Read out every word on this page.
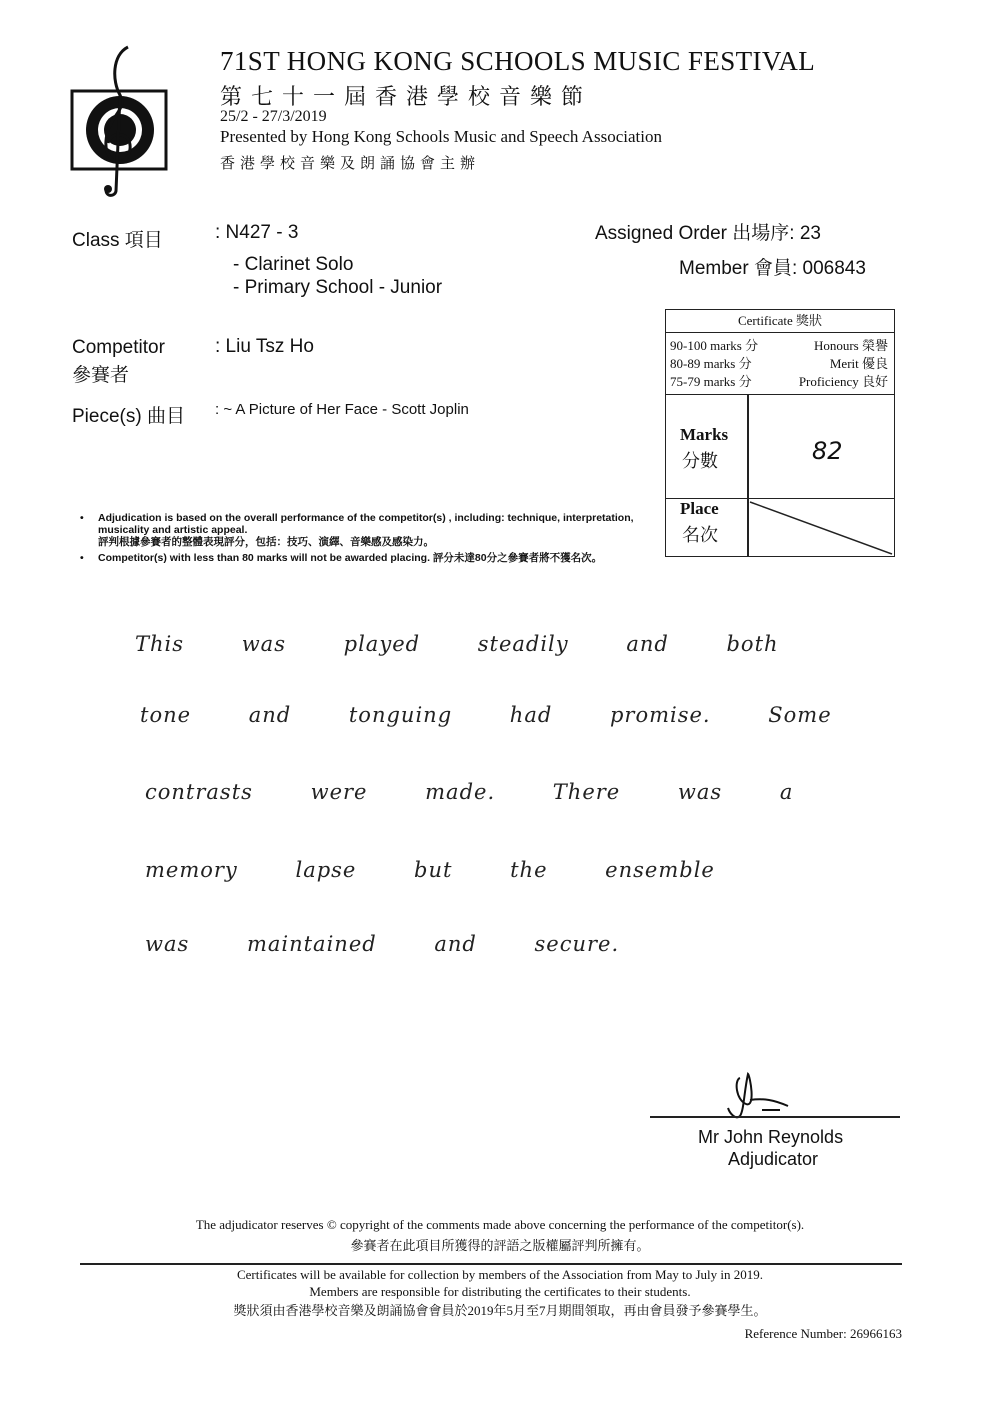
71ST HONG KONG SCHOOLS MUSIC FESTIVAL
第七十一屆香港學校音樂節
25/2 - 27/3/2019
Presented by Hong Kong Schools Music and Speech Association
香港學校音樂及朗誦協會主辦
Class 項目	: N427 - 3
- Clarinet Solo
- Primary School - Junior
Assigned Order 出場序: 23
Member 會員: 006843
Competitor
參賽者
: Liu Tsz Ho
Piece(s) 曲目 : ~ A Picture of Her Face - Scott Joplin
Certificate 獎狀
90-100 marks 分	Honours 榮譽
80-89 marks 分	Merit 優良
75-79 marks 分	Proficiency 良好
Marks
分數	82
Place
名次
• Adjudication is based on the overall performance of the competitor(s) , including: technique, interpretation, musicality and artistic appeal.
評判根據參賽者的整體表現評分，包括：技巧、演繹、音樂感及感染力。
• Competitor(s) with less than 80 marks will not be awarded placing. 評分未達80分之參賽者將不獲名次。
This was played steadily and both
tone and tonguing had promise. Some
contrasts were made. There was a
memory lapse but the ensemble
was maintained and secure.
Mr John Reynolds
Adjudicator
The adjudicator reserves © copyright of the comments made above concerning the performance of the competitor(s).
參賽者在此項目所獲得的評語之版權屬評判所擁有。
Certificates will be available for collection by members of the Association from May to July in 2019.
Members are responsible for distributing the certificates to their students.
獎狀須由香港學校音樂及朗誦協會會員於2019年5月至7月期間領取，再由會員發予參賽學生。
Reference Number: 26966163
